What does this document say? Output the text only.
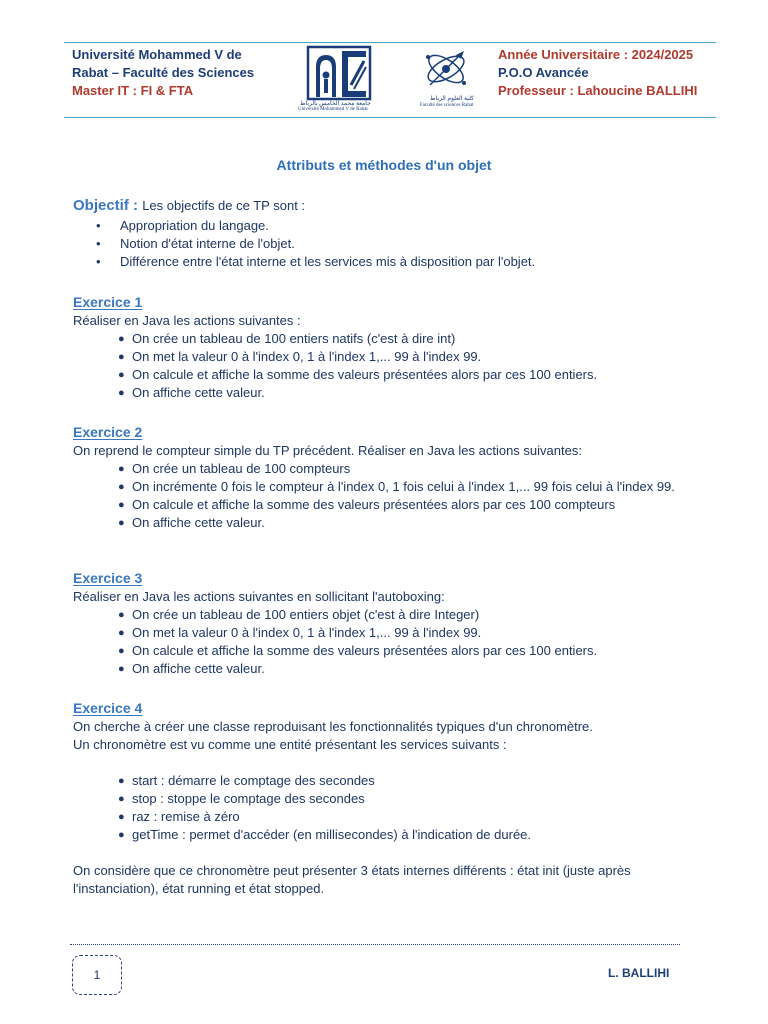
Université Mohammed V de
Rabat – Faculté des Sciences
Master IT : FI & FTA
جامعة محمد الخامس بالرباط
Université Mohammed V de Rabat
كلية العلوم الرباط
Faculté des sciences Rabat
Année Universitaire : 2024/2025
P.O.O Avancée
Professeur : Lahoucine BALLIHI
Attributs et méthodes d'un objet
Objectif : Les objectifs de ce TP sont :
• Appropriation du langage.
• Notion d'état interne de l'objet.
• Différence entre l'état interne et les services mis à disposition par l'objet.
Exercice 1
Réaliser en Java les actions suivantes :
● On crée un tableau de 100 entiers natifs (c'est à dire int)
● On met la valeur 0 à l'index 0, 1 à l'index 1,... 99 à l'index 99.
● On calcule et affiche la somme des valeurs présentées alors par ces 100 entiers.
● On affiche cette valeur.
Exercice 2
On reprend le compteur simple du TP précédent. Réaliser en Java les actions suivantes:
● On crée un tableau de 100 compteurs
● On incrémente 0 fois le compteur à l'index 0, 1 fois celui à l'index 1,... 99 fois celui à l'index 99.
● On calcule et affiche la somme des valeurs présentées alors par ces 100 compteurs
● On affiche cette valeur.
Exercice 3
Réaliser en Java les actions suivantes en sollicitant l'autoboxing:
● On crée un tableau de 100 entiers objet (c'est à dire Integer)
● On met la valeur 0 à l'index 0, 1 à l'index 1,... 99 à l'index 99.
● On calcule et affiche la somme des valeurs présentées alors par ces 100 entiers.
● On affiche cette valeur.
Exercice 4
On cherche à créer une classe reproduisant les fonctionnalités typiques d'un chronomètre.
Un chronomètre est vu comme une entité présentant les services suivants :
● start : démarre le comptage des secondes
● stop : stoppe le comptage des secondes
● raz : remise à zéro
● getTime : permet d'accéder (en millisecondes) à l'indication de durée.
On considère que ce chronomètre peut présenter 3 états internes différents : état init (juste après l'instanciation), état running et état stopped.
1	L. BALLIHI
